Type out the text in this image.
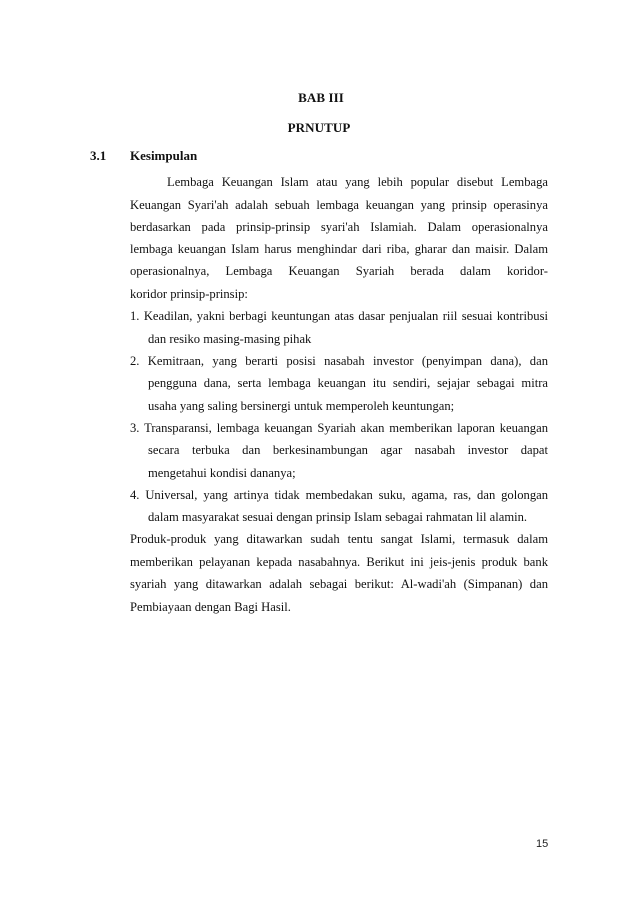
BAB III
PRNUTUP
3.1 Kesimpulan
Lembaga Keuangan Islam atau yang lebih popular disebut Lembaga
Keuangan Syari'ah adalah sebuah lembaga keuangan yang prinsip operasinya
berdasarkan pada prinsip-prinsip syari'ah Islamiah. Dalam operasionalnya
lembaga keuangan Islam harus menghindar dari riba, gharar dan maisir. Dalam
operasionalnya, Lembaga Keuangan Syariah berada dalam koridor-
koridor prinsip-prinsip:
1. Keadilan, yakni berbagi keuntungan atas dasar penjualan riil sesuai kontribusi
dan resiko masing-masing pihak
2. Kemitraan, yang berarti posisi nasabah investor (penyimpan dana), dan
pengguna dana, serta lembaga keuangan itu sendiri, sejajar sebagai mitra
usaha yang saling bersinergi untuk memperoleh keuntungan;
3. Transparansi, lembaga keuangan Syariah akan memberikan laporan keuangan
secara terbuka dan berkesinambungan agar nasabah investor dapat
mengetahui kondisi dananya;
4. Universal, yang artinya tidak membedakan suku, agama, ras, dan golongan
dalam masyarakat sesuai dengan prinsip Islam sebagai rahmatan lil alamin.
Produk-produk yang ditawarkan sudah tentu sangat Islami, termasuk dalam
memberikan pelayanan kepada nasabahnya. Berikut ini jeis-jenis produk bank
syariah yang ditawarkan adalah sebagai berikut: Al-wadi'ah (Simpanan) dan
Pembiayaan dengan Bagi Hasil.
15
